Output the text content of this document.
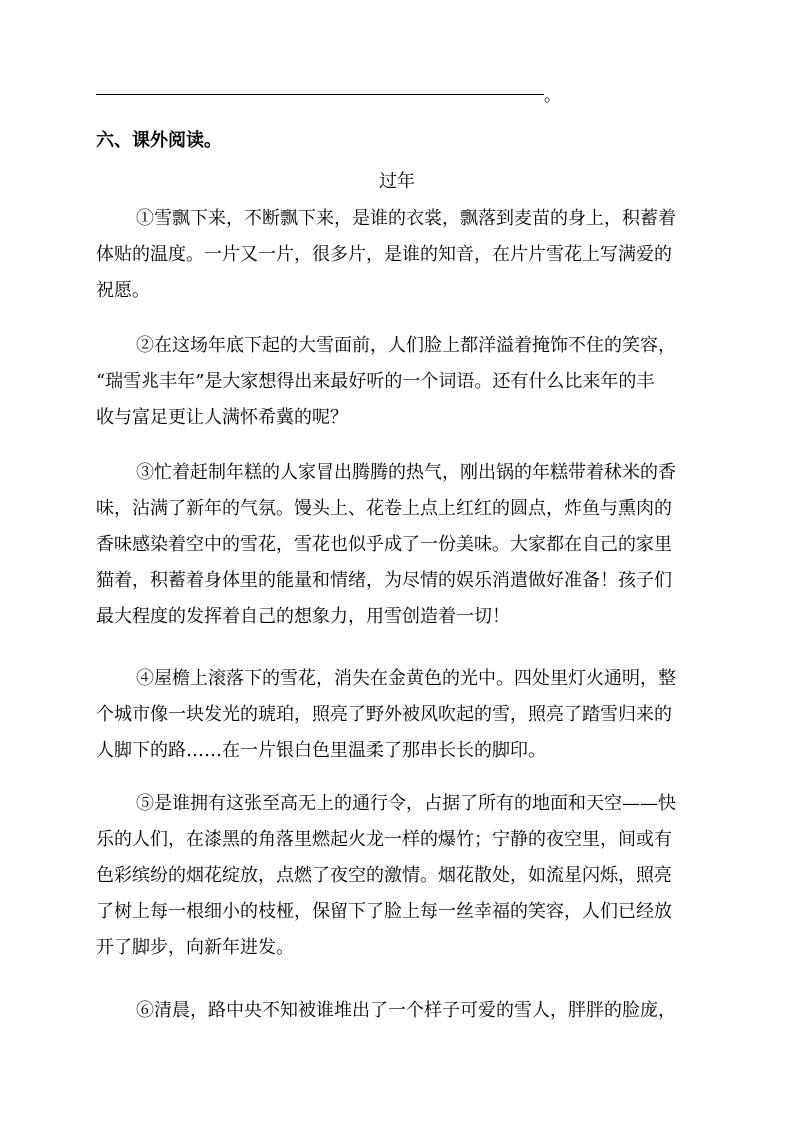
。
六、课外阅读。
过年
①雪飘下来，不断飘下来，是谁的衣裳，飘落到麦苗的身上，积蓄着
体贴的温度。一片又一片，很多片，是谁的知音，在片片雪花上写满爱的
祝愿。
②在这场年底下起的大雪面前，人们脸上都洋溢着掩饰不住的笑容，
“瑞雪兆丰年”是大家想得出来最好听的一个词语。还有什么比来年的丰
收与富足更让人满怀希冀的呢？
③忙着赶制年糕的人家冒出腾腾的热气，刚出锅的年糕带着秫米的香
味，沾满了新年的气氛。馒头上、花卷上点上红红的圆点，炸鱼与熏肉的
香味感染着空中的雪花，雪花也似乎成了一份美味。大家都在自己的家里
猫着，积蓄着身体里的能量和情绪，为尽情的娱乐消遣做好准备！孩子们
最大程度的发挥着自己的想象力，用雪创造着一切！
④屋檐上滚落下的雪花，消失在金黄色的光中。四处里灯火通明，整
个城市像一块发光的琥珀，照亮了野外被风吹起的雪，照亮了踏雪归来的
人脚下的路……在一片银白色里温柔了那串长长的脚印。
⑤是谁拥有这张至高无上的通行令，占据了所有的地面和天空——快
乐的人们，在漆黑的角落里燃起火龙一样的爆竹；宁静的夜空里，间或有
色彩缤纷的烟花绽放，点燃了夜空的激情。烟花散处，如流星闪烁，照亮
了树上每一根细小的枝桠，保留下了脸上每一丝幸福的笑容，人们已经放
开了脚步，向新年进发。
⑥清晨，路中央不知被谁堆出了一个样子可爱的雪人，胖胖的脸庞，
